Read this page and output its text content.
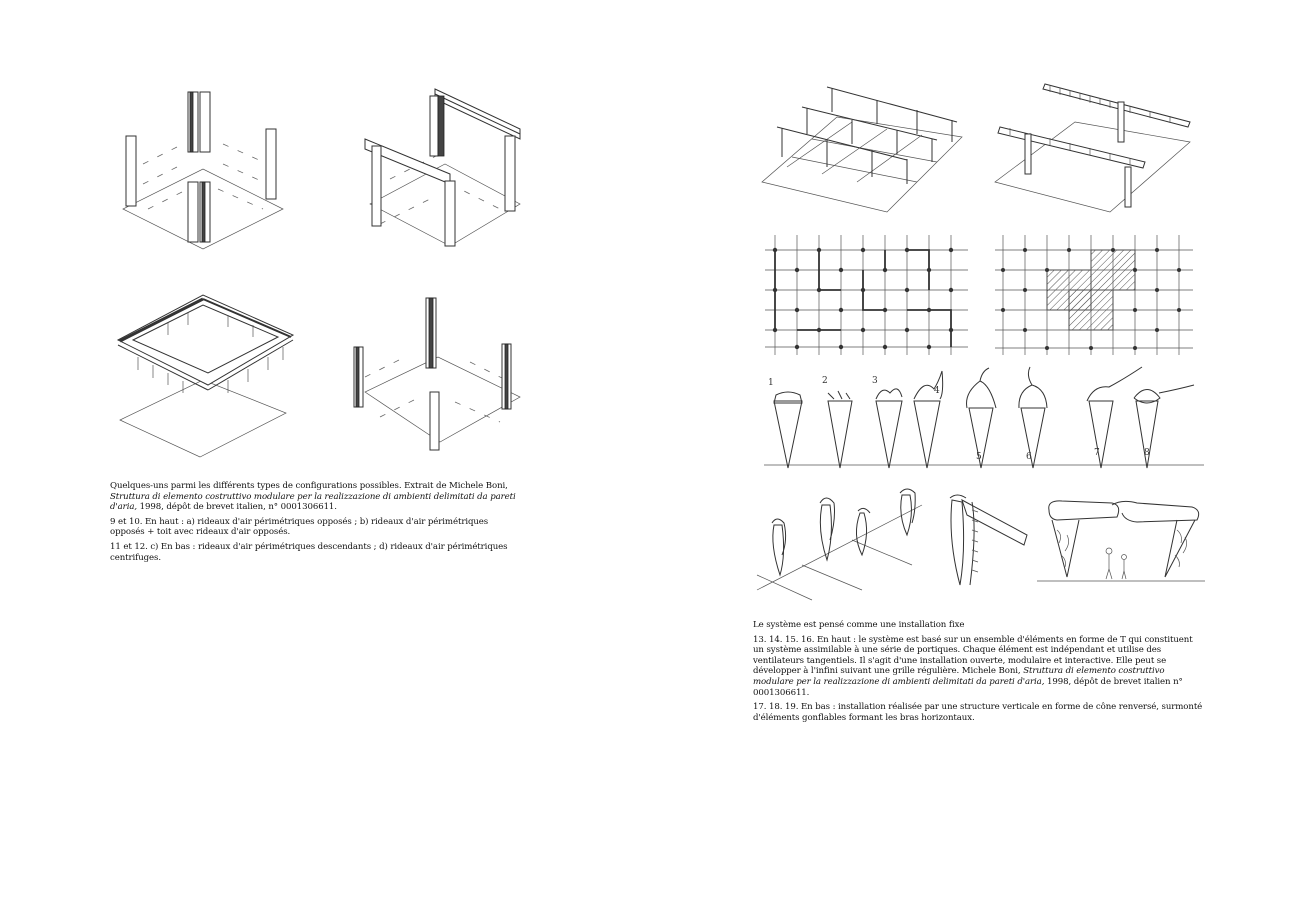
Quelques-uns parmi les différents types de configurations possibles. Extrait de Michele Boni, Struttura di elemento costruttivo modulare per la realizzazione di ambienti delimitati da pareti d'aria, 1998, dépôt de brevet italien, n° 0001306611.

9 et 10. En haut : a) rideaux d'air périmétriques opposés ; b) rideaux d'air périmétriques opposés + toit avec rideaux d'air opposés.

11 et 12. c) En bas : rideaux d'air périmétriques descendants ; d) rideaux d'air périmétriques centrifuges.

1	2	3
4
5	6	7	8

Le système est pensé comme une installation fixe

13. 14. 15. 16. En haut : le système est basé sur un ensemble d'éléments en forme de T qui constituent un système assimilable à une série de portiques. Chaque élément est indépendant et utilise des ventilateurs tangentiels. Il s'agit d'une installation ouverte, modulaire et interactive. Elle peut se développer à l'infini suivant une grille régulière. Michele Boni, Struttura di elemento costruttivo modulare per la realizzazione di ambienti delimitati da pareti d'aria, 1998, dépôt de brevet italien n° 0001306611.

17. 18. 19. En bas : installation réalisée par une structure verticale en forme de cône renversé, surmonté d'éléments gonflables formant les bras horizontaux.
